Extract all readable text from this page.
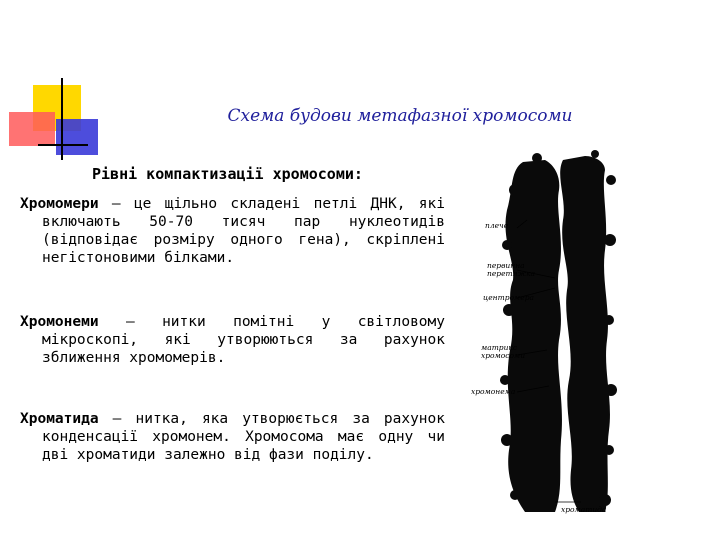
Схема будови метафазної хромосоми
Рівні компактизації хромосоми:
Хромомери – це щільно складені петлі ДНК, які включають 50-70 тисяч пар нуклеотидів (відповідає розміру одного гена), скріплені негістоновими білками.
Хромонеми – нитки помітні у світловому мікроскопі, які утворюються за рахунок зближення хромомерів.
Хроматида – нитка, яка утворюється за рахунок конденсації хромонем. Хромосома має одну чи дві хроматиди залежно від фази поділу.
плече
первинна
перетяжка
центромера
матрикс
хромосоми
хромонема
хроматида
